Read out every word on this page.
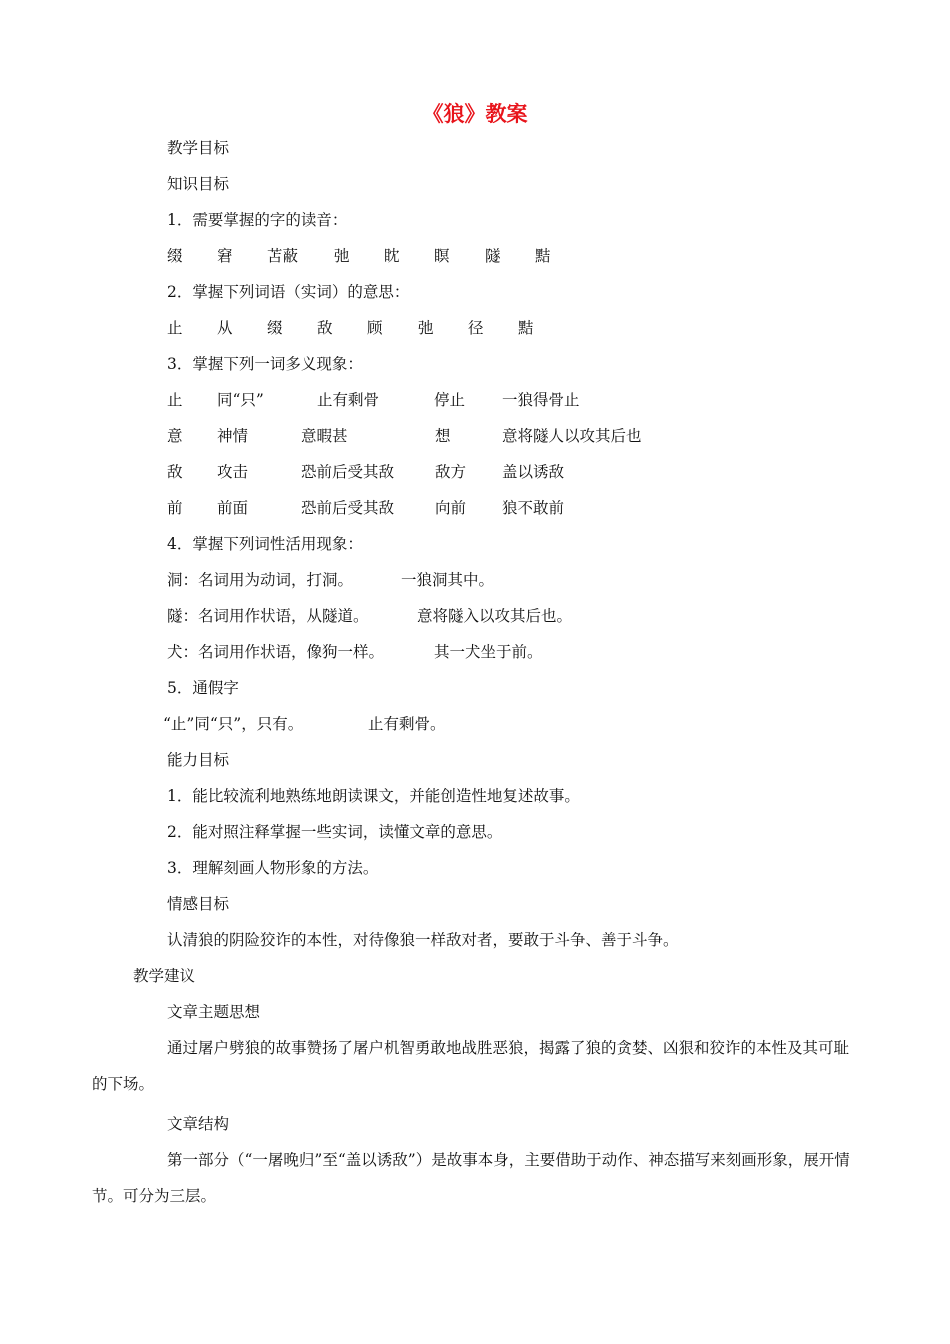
《狼》教案
教学目标
知识目标
1．需要掌握的字的读音：
缀 窘 苫蔽 弛 眈 瞑 隧 黠
2．掌握下列词语（实词）的意思：
止 从 缀 敌 顾 弛 径 黠
3．掌握下列一词多义现象：
止 同“只”	止有剩骨	停止 一狼得骨止
意 神情	意暇甚	想	意将隧人以攻其后也
敌 攻击	恐前后受其敌	敌方 盖以诱敌
前 前面	恐前后受其敌	向前 狼不敢前
4．掌握下列词性活用现象：
洞：名词用为动词，打洞。	一狼洞其中。
隧：名词用作状语，从隧道。	意将隧入以攻其后也。
犬：名词用作状语，像狗一样。	其一犬坐于前。
5．通假字
“止”同“只”，只有。	止有剩骨。
能力目标
1．能比较流利地熟练地朗读课文，并能创造性地复述故事。
2．能对照注释掌握一些实词，读懂文章的意思。
3．理解刻画人物形象的方法。
情感目标
认清狼的阴险狡诈的本性，对待像狼一样敌对者，要敢于斗争、善于斗争。
教学建议
文章主题思想

通过屠户劈狼的故事赞扬了屠户机智勇敢地战胜恶狼，揭露了狼的贪婪、凶狠和狡诈的本性及其可耻的下场。

文章结构

第一部分（“一屠晚归”至“盖以诱敌”）是故事本身，主要借助于动作、神态描写来刻画形象，展开情节。可分为三层。
